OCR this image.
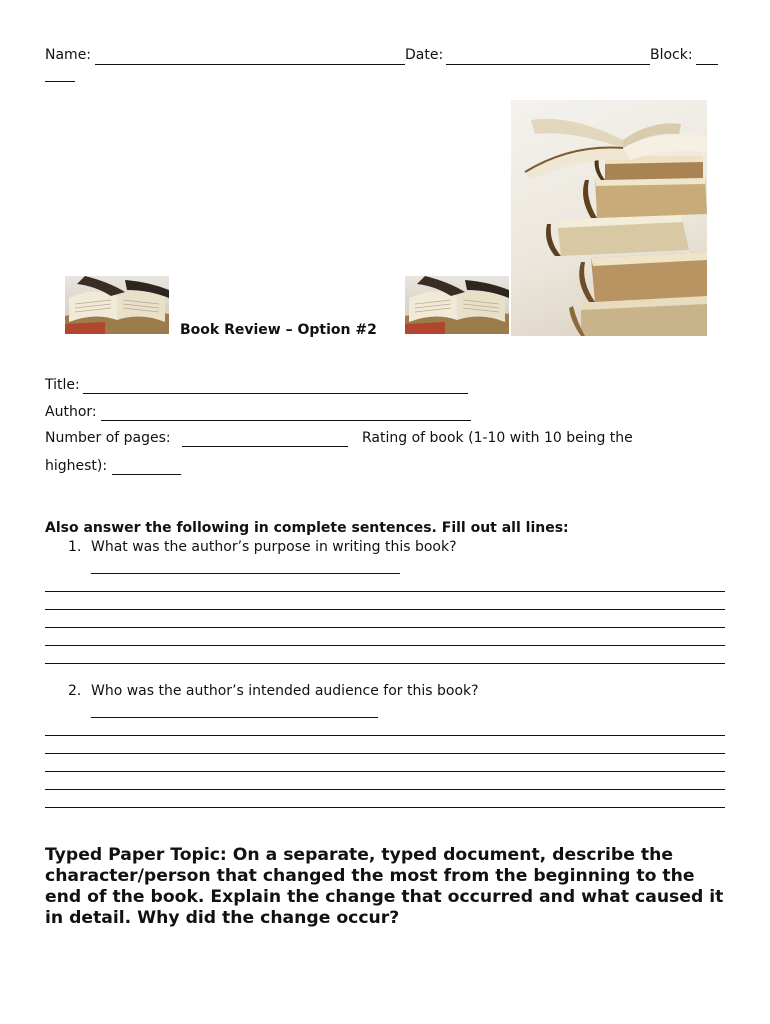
Name:	Date:	Block:
Book Review – Option #2
Title:
Author:
Number of pages:	Rating of book (1-10 with 10 being the
highest):
Also answer the following in complete sentences. Fill out all lines:
1. What was the author’s purpose in writing this book?
2. Who was the author’s intended audience for this book?
Typed Paper Topic: On a separate, typed document, describe the character/person that changed the most from the beginning to the end of the book. Explain the change that occurred and what caused it in detail. Why did the change occur?
